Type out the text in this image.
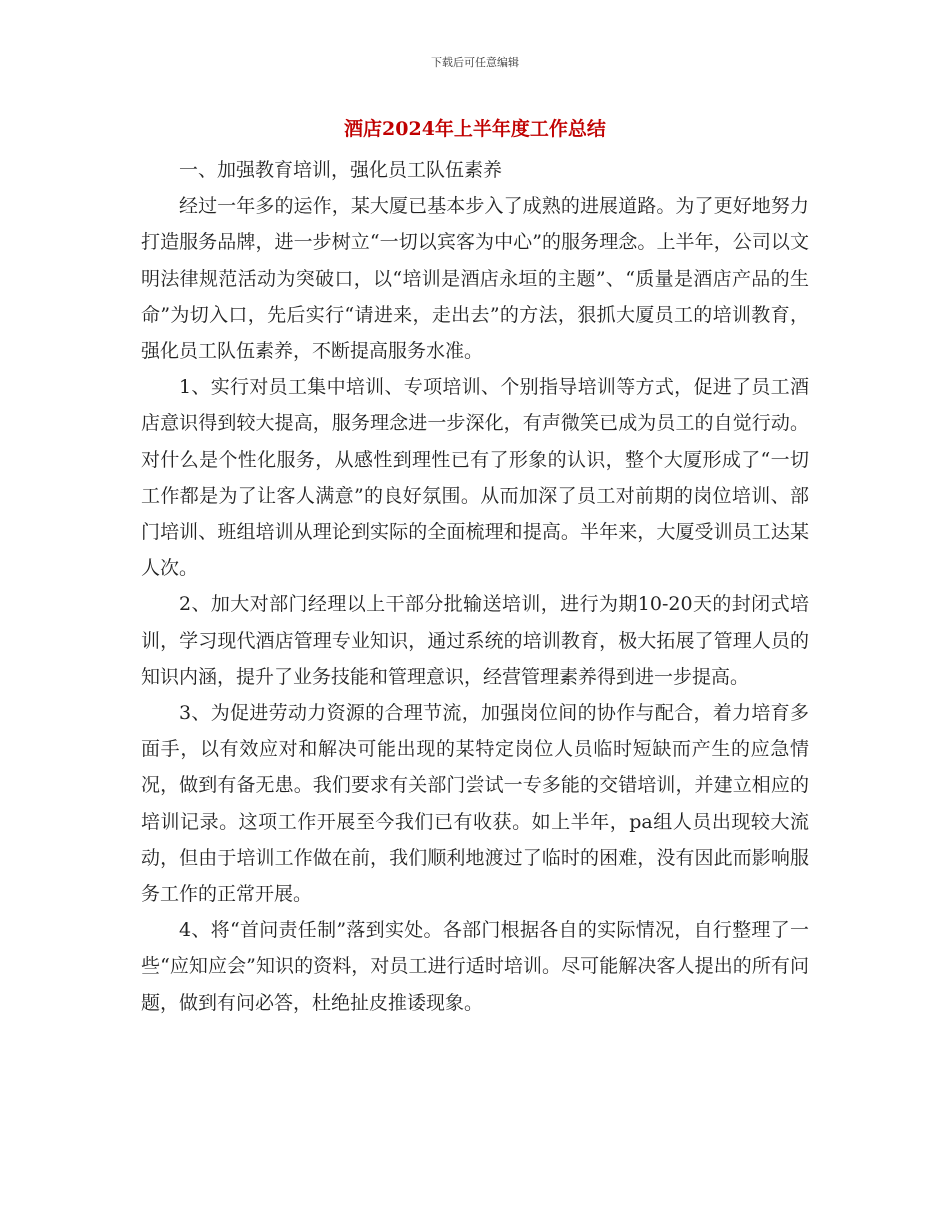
下载后可任意编辑
酒店2024年上半年度工作总结

一、加强教育培训，强化员工队伍素养

经过一年多的运作，某大厦已基本步入了成熟的进展道路。为了更好地努力打造服务品牌，进一步树立“一切以宾客为中心”的服务理念。上半年，公司以文明法律规范活动为突破口，以“培训是酒店永垣的主题”、“质量是酒店产品的生命”为切入口，先后实行“请进来，走出去”的方法，狠抓大厦员工的培训教育，强化员工队伍素养，不断提高服务水准。

1、实行对员工集中培训、专项培训、个别指导培训等方式，促进了员工酒店意识得到较大提高，服务理念进一步深化，有声微笑已成为员工的自觉行动。对什么是个性化服务，从感性到理性已有了形象的认识，整个大厦形成了“一切工作都是为了让客人满意”的良好氛围。从而加深了员工对前期的岗位培训、部门培训、班组培训从理论到实际的全面梳理和提高。半年来，大厦受训员工达某人次。

2、加大对部门经理以上干部分批输送培训，进行为期10-20天的封闭式培训，学习现代酒店管理专业知识，通过系统的培训教育，极大拓展了管理人员的知识内涵，提升了业务技能和管理意识，经营管理素养得到进一步提高。

3、为促进劳动力资源的合理节流，加强岗位间的协作与配合，着力培育多面手，以有效应对和解决可能出现的某特定岗位人员临时短缺而产生的应急情况，做到有备无患。我们要求有关部门尝试一专多能的交错培训，并建立相应的培训记录。这项工作开展至今我们已有收获。如上半年，pa组人员出现较大流动，但由于培训工作做在前，我们顺利地渡过了临时的困难，没有因此而影响服务工作的正常开展。

4、将“首问责任制”落到实处。各部门根据各自的实际情况，自行整理了一些“应知应会”知识的资料，对员工进行适时培训。尽可能解决客人提出的所有问题，做到有问必答，杜绝扯皮推诿现象。
